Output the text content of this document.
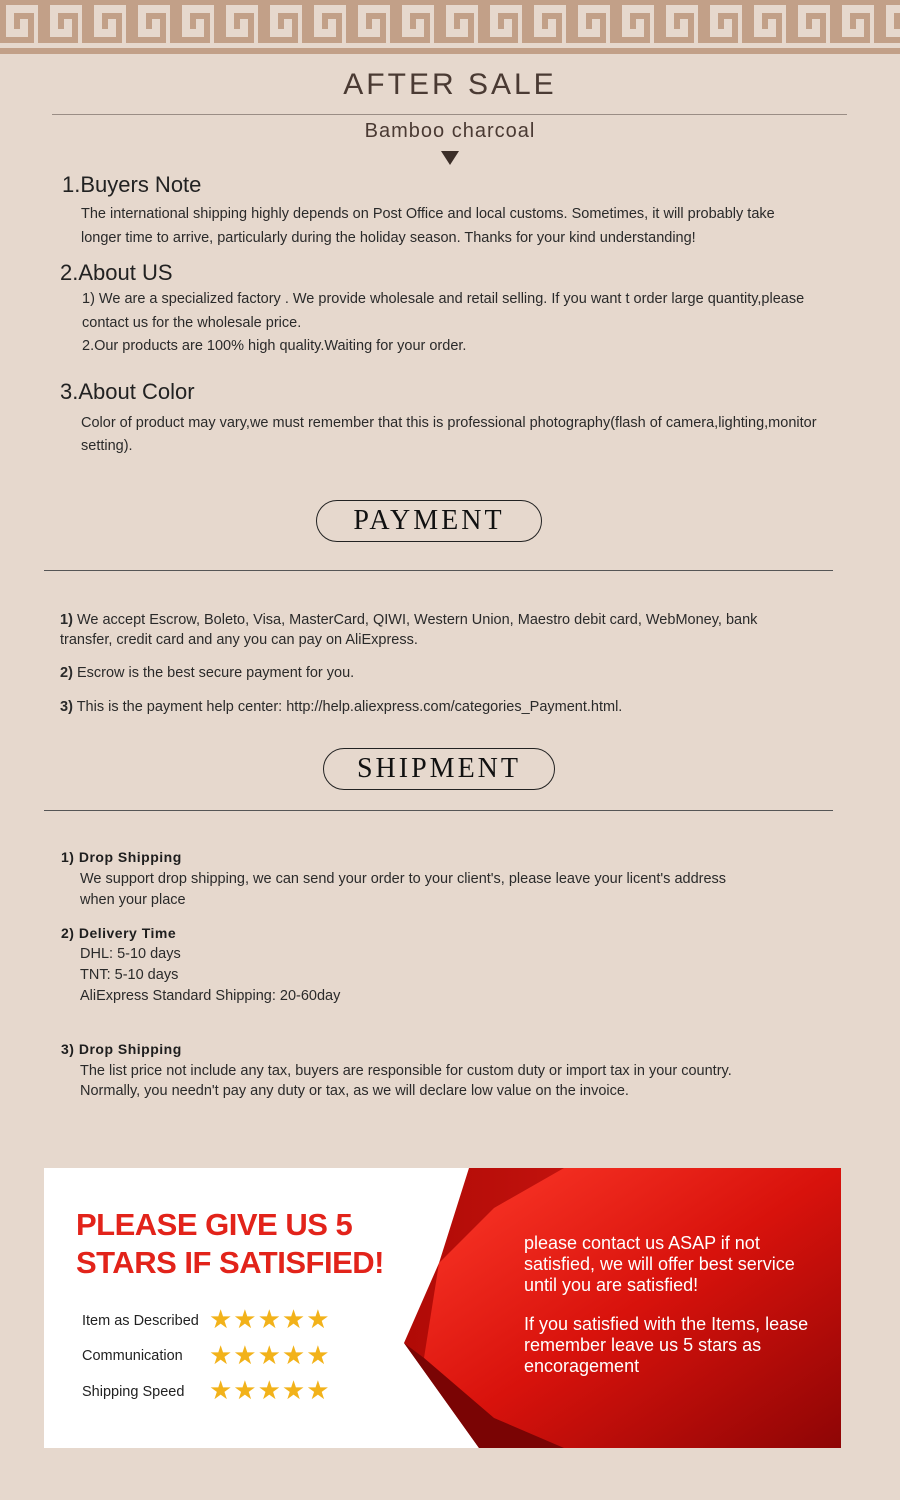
AFTER SALE
Bamboo charcoal
1.Buyers Note
The international shipping highly depends on Post Office and local customs. Sometimes, it will probably take
longer time to arrive, particularly during the holiday season. Thanks for your kind understanding!
2.About US
1) We are a specialized factory . We provide wholesale and retail selling. If you want t order large quantity,please
contact us for the wholesale price.
2.Our products are 100% high quality.Waiting for your order.
3.About Color
Color of product may vary,we must remember that this is professional photography(flash of camera,lighting,monitor
setting).
PAYMENT
1) We accept Escrow, Boleto, Visa, MasterCard, QIWI, Western Union, Maestro debit card, WebMoney, bank
transfer, credit card and any you can pay on AliExpress.
2) Escrow is the best secure payment for you.
3) This is the payment help center: http://help.aliexpress.com/categories_Payment.html.
SHIPMENT
1) Drop Shipping
We support drop shipping, we can send your order to your client's, please leave your licent's address
when your place
2) Delivery Time
DHL: 5-10 days
TNT: 5-10 days
AliExpress Standard Shipping: 20-60day
3) Drop Shipping
The list price not include any tax, buyers are responsible for custom duty or import tax in your country.
Normally, you needn't pay any duty or tax, as we will declare low value on the invoice.
PLEASE GIVE US 5
STARS IF SATISFIED!
Item as Described ★★★★★
Communication ★★★★★
Shipping Speed ★★★★★
please contact us ASAP if not
satisfied, we will offer best service
until you are satisfied!
If you satisfied with the Items, lease
remember leave us 5 stars as
encoragement
